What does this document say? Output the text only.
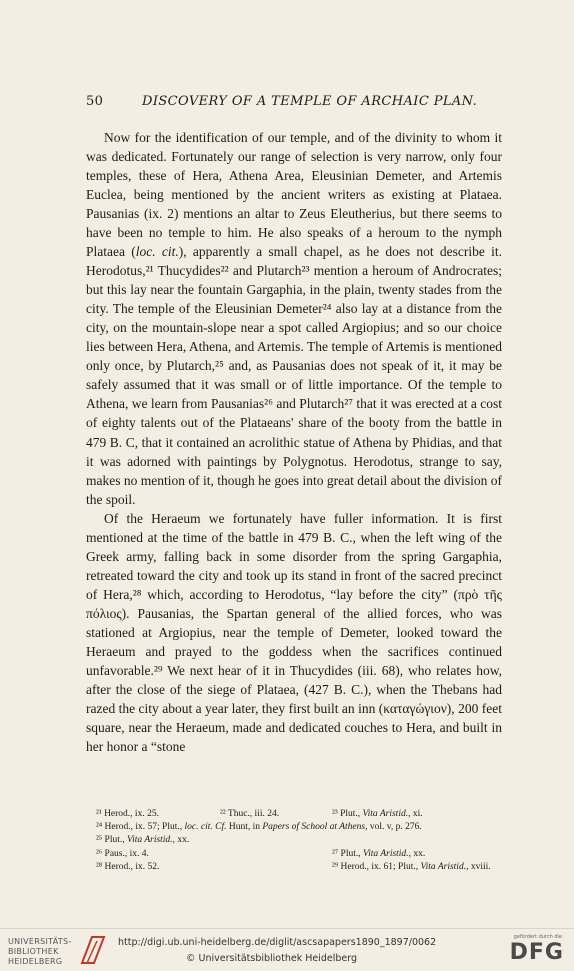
50	DISCOVERY OF A TEMPLE OF ARCHAIC PLAN.

Now for the identification of our temple, and of the divinity to whom it was dedicated. Fortunately our range of selection is very narrow, only four temples, these of Hera, Athena Area, Eleusinian Demeter, and Artemis Euclea, being mentioned by the ancient writers as existing at Plataea. Pausanias (ix. 2) mentions an altar to Zeus Eleutherius, but there seems to have been no temple to him. He also speaks of a heroum to the nymph Plataea (loc. cit.), apparently a small chapel, as he does not describe it. Herodotus,²¹ Thucydides²² and Plutarch²³ mention a heroum of Androcrates; but this lay near the fountain Gargaphia, in the plain, twenty stades from the city. The temple of the Eleusinian Demeter²⁴ also lay at a distance from the city, on the mountain-slope near a spot called Argiopius; and so our choice lies between Hera, Athena, and Artemis. The temple of Artemis is mentioned only once, by Plutarch,²⁵ and, as Pausanias does not speak of it, it may be safely assumed that it was small or of little importance. Of the temple to Athena, we learn from Pausanias²⁶ and Plutarch²⁷ that it was erected at a cost of eighty talents out of the Plataeans' share of the booty from the battle in 479 B. C, that it contained an acrolithic statue of Athena by Phidias, and that it was adorned with paintings by Polygnotus. Herodotus, strange to say, makes no mention of it, though he goes into great detail about the division of the spoil.

Of the Heraeum we fortunately have fuller information. It is first mentioned at the time of the battle in 479 B. C., when the left wing of the Greek army, falling back in some disorder from the spring Gargaphia, retreated toward the city and took up its stand in front of the sacred precinct of Hera,²⁸ which, according to Herodotus, “lay before the city” (πρὸ τῆς πόλιος). Pausanias, the Spartan general of the allied forces, who was stationed at Argiopius, near the temple of Demeter, looked toward the Heraeum and prayed to the goddess when the sacrifices continued unfavorable.²⁹ We next hear of it in Thucydides (iii. 68), who relates how, after the close of the siege of Plataea, (427 B. C.), when the Thebans had razed the city about a year later, they first built an inn (καταγώγιον), 200 feet square, near the Heraeum, made and dedicated couches to Hera, and built in her honor a “stone

²¹ Herod., ix. 25.	²² Thuc., iii. 24.	²³ Plut., Vita Aristid., xi.
²⁴ Herod., ix. 57; Plut., loc. cit. Cf. Hunt, in Papers of School at Athens, vol. v, p. 276.
²⁵ Plut., Vita Aristid., xx.
²⁶ Paus., ix. 4.	²⁷ Plut., Vita Aristid., xx.
²⁸ Herod., ix. 52.	²⁹ Herod., ix. 61; Plut., Vita Aristid., xviii.
UNIVERSITÄTS-
BIBLIOTHEK
HEIDELBERG
http://digi.ub.uni-heidelberg.de/diglit/ascsapapers1890_1897/0062
© Universitätsbibliothek Heidelberg
gefördert durch die
DFG
